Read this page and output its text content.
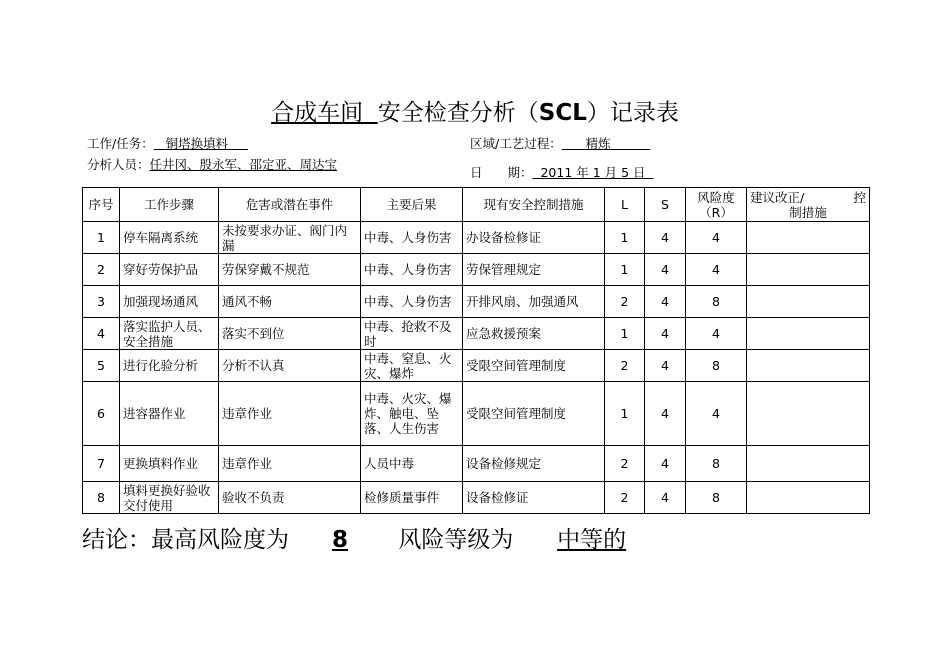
合成车间 安全检查分析（SCL）记录表
工作/任务： 铜塔换填料	区域/工艺过程： 精炼
分析人员：任井冈、殷永军、邵定亚、周达宝
日　　期： 2011 年 1 月 5 日
序号	工作步骤	危害或潜在事件	主要后果	现有安全控制措施	L	S	风险度（R）	建议改正/ 控
制措施

1	停车隔离系统	未按要求办证、阀门内漏	中毒、人身伤害	办设备检修证	1	4	4	
2	穿好劳保护品	劳保穿戴不规范	中毒、人身伤害	劳保管理规定	1	4	4	
3	加强现场通风	通风不畅	中毒、人身伤害	开排风扇、加强通风	2	4	8	
4	落实监护人员、安全措施	落实不到位	中毒、抢救不及时	应急救援预案	1	4	4	
5	进行化验分析	分析不认真	中毒、窒息、火灾、爆炸	受限空间管理制度	2	4	8	
6	进容器作业	违章作业	中毒、火灾、爆炸、触电、坠落、人生伤害	受限空间管理制度	1	4	4	
7	更换填料作业	违章作业	人员中毒	设备检修规定	2	4	8	
8	填料更换好验收交付使用	验收不负责	检修质量事件	设备检修证	2	4	8	
结论：最高风险度为 8 风险等级为 中等的
